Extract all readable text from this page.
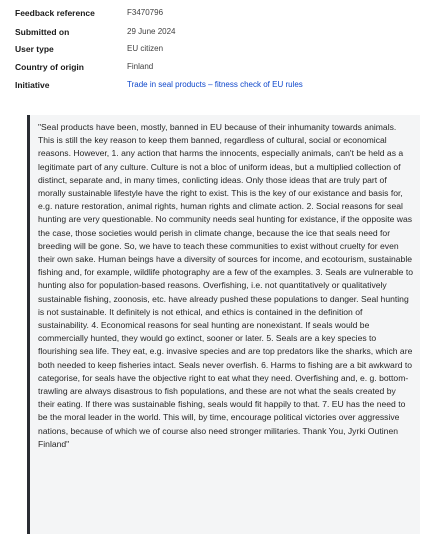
Feedback reference	F3470796
Submitted on	29 June 2024
User type	EU citizen
Country of origin	Finland
Initiative	Trade in seal products – fitness check of EU rules

"Seal products have been, mostly, banned in EU because of their inhumanity towards animals. This is still the key reason to keep them banned, regardless of cultural, social or economical reasons. However, 1. any action that harms the innocents, especially animals, can't be held as a legitimate part of any culture. Culture is not a bloc of uniform ideas, but a multiplied collection of distinct, separate and, in many times, conlicting ideas. Only those ideas that are truly part of morally sustainable lifestyle have the right to exist. This is the key of our existance and basis for, e.g. nature restoration, animal rights, human rights and climate action. 2. Social reasons for seal hunting are very questionable. No community needs seal hunting for existance, if the opposite was the case, those societies would perish in climate change, because the ice that seals need for breeding will be gone. So, we have to teach these communities to exist without cruelty for even their own sake. Human beings have a diversity of sources for income, and ecotourism, sustainable fishing and, for example, wildlife photography are a few of the examples. 3. Seals are vulnerable to hunting also for population-based reasons. Overfishing, i.e. not quantitatively or qualitatively sustainable fishing, zoonosis, etc. have already pushed these populations to danger. Seal hunting is not sustainable. It definitely is not ethical, and ethics is contained in the definition of sustainability. 4. Economical reasons for seal hunting are nonexistant. If seals would be commercially hunted, they would go extinct, sooner or later. 5. Seals are a key species to flourishing sea life. They eat, e.g. invasive species and are top predators like the sharks, which are both needed to keep fisheries intact. Seals never overfish. 6. Harms to fishing are a bit awkward to categorise, for seals have the objective right to eat what they need. Overfishing and, e. g. bottom-trawling are always disastrous to fish populations, and these are not what the seals created by their eating. If there was sustainable fishing, seals would fit happily to that. 7. EU has the need to be the moral leader in the world. This will, by time, encourage political victories over aggressive nations, because of which we of course also need stronger militaries. Thank You, Jyrki Outinen Finland"
